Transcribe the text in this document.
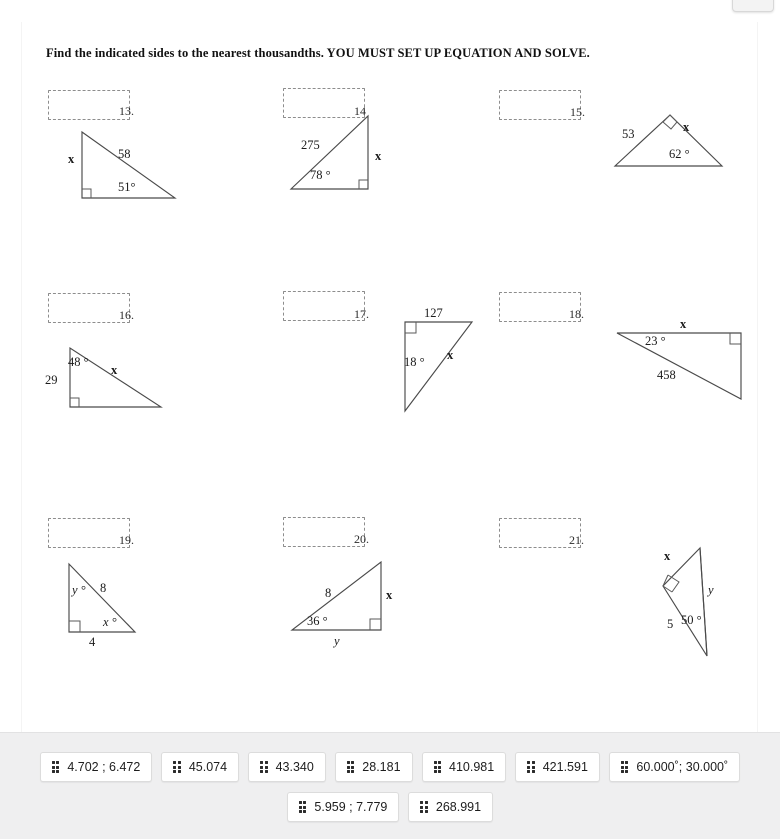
Find the indicated sides to the nearest thousandths. YOU MUST SET UP EQUATION AND SOLVE.
13.
x	58
51°
14
275
x
78 °
15.
53	x
62 °
16.
29
48 °
x
17.	127
x
18 °
18.
x
23 °
458
19.
y ° 8
x °
4
20.
8	x
36 °
y
21.
x
y
5 50 °
4.702 ; 6.472	45.074	43.340	28.181	410.981	421.591	60.000˚; 30.000˚
5.959 ; 7.779	268.991
